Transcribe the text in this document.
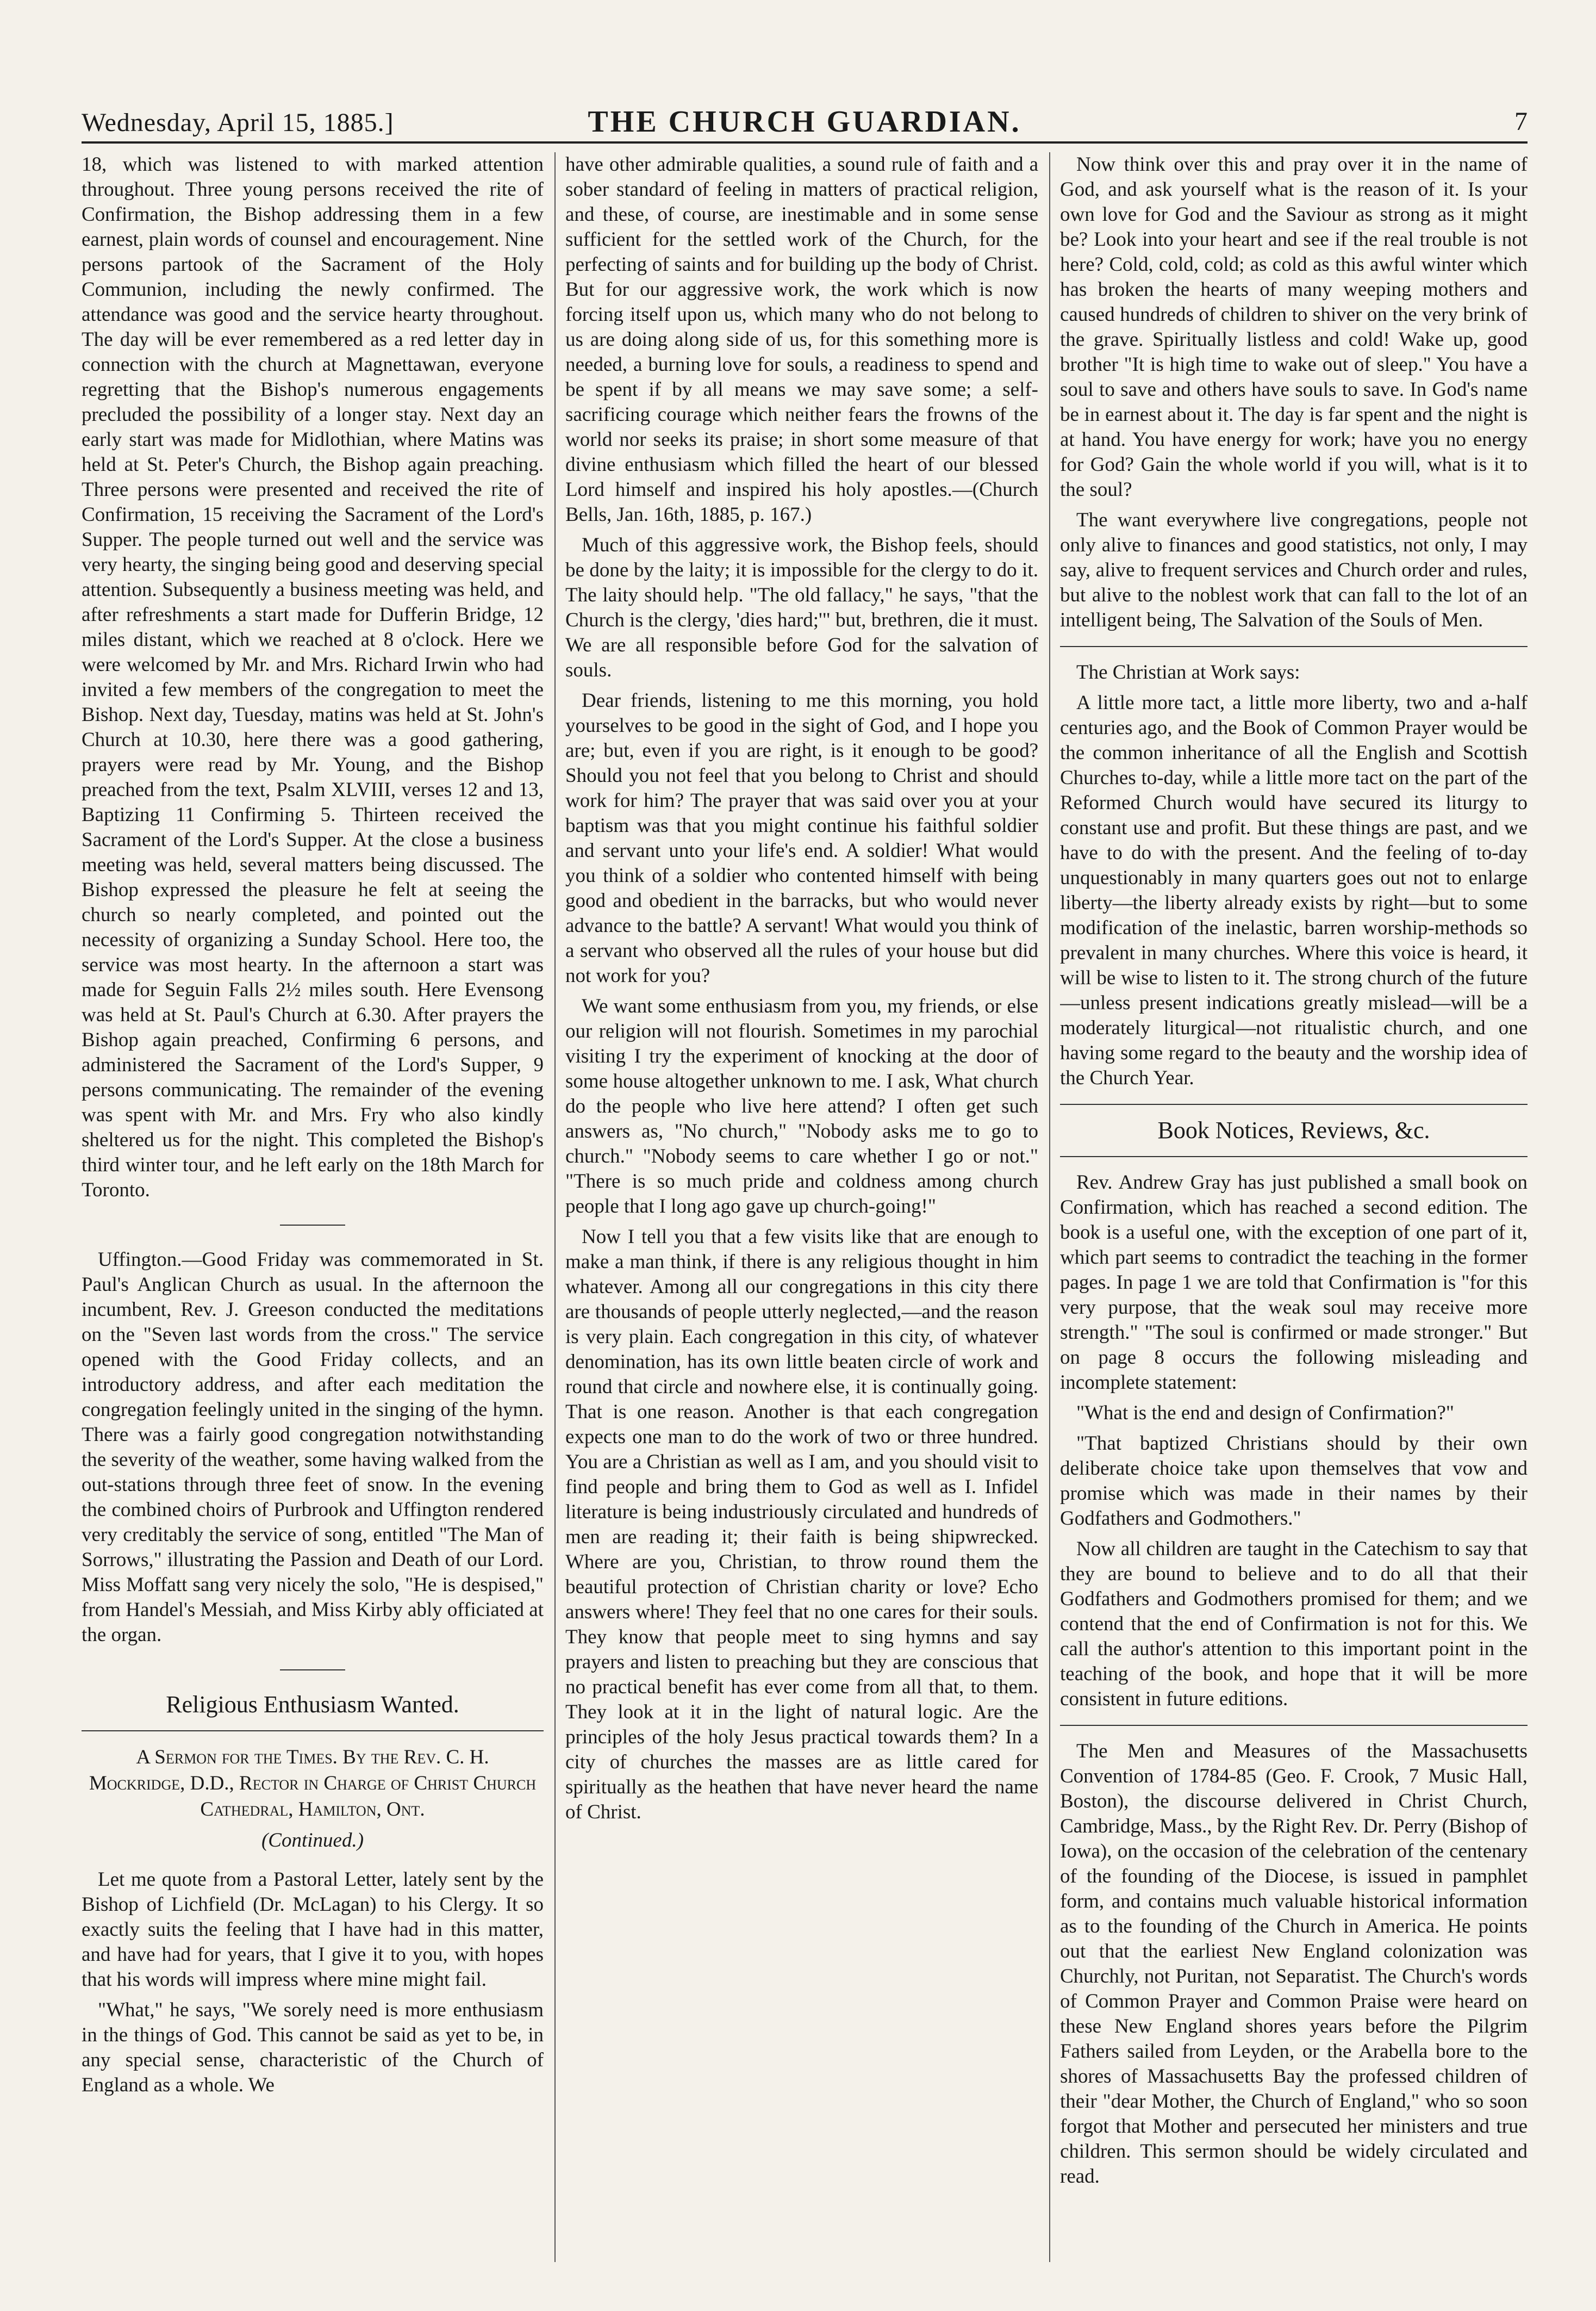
Wednesday, April 15, 1885.]	THE CHURCH GUARDIAN.	7

18, which was listened to with marked attention throughout. Three young persons received the rite of Confirmation, the Bishop addressing them in a few earnest, plain words of counsel and encouragement. Nine persons partook of the Sacrament of the Holy Communion, including the newly confirmed. The attendance was good and the service hearty throughout. The day will be ever remembered as a red letter day in connection with the church at Magnettawan, everyone regretting that the Bishop's numerous engagements precluded the possibility of a longer stay. Next day an early start was made for Midlothian, where Matins was held at St. Peter's Church, the Bishop again preaching. Three persons were presented and received the rite of Confirmation, 15 receiving the Sacrament of the Lord's Supper. The people turned out well and the service was very hearty, the singing being good and deserving special attention. Subsequently a business meeting was held, and after refreshments a start made for Dufferin Bridge, 12 miles distant, which we reached at 8 o'clock. Here we were welcomed by Mr. and Mrs. Richard Irwin who had invited a few members of the congregation to meet the Bishop. Next day, Tuesday, matins was held at St. John's Church at 10.30, here there was a good gathering, prayers were read by Mr. Young, and the Bishop preached from the text, Psalm XLVIII, verses 12 and 13, Baptizing 11 Confirming 5. Thirteen received the Sacrament of the Lord's Supper. At the close a business meeting was held, several matters being discussed. The Bishop expressed the pleasure he felt at seeing the church so nearly completed, and pointed out the necessity of organizing a Sunday School. Here too, the service was most hearty. In the afternoon a start was made for Seguin Falls 2½ miles south. Here Evensong was held at St. Paul's Church at 6.30. After prayers the Bishop again preached, Confirming 6 persons, and administered the Sacrament of the Lord's Supper, 9 persons communicating. The remainder of the evening was spent with Mr. and Mrs. Fry who also kindly sheltered us for the night. This completed the Bishop's third winter tour, and he left early on the 18th March for Toronto.

Uffington.—Good Friday was commemorated in St. Paul's Anglican Church as usual. In the afternoon the incumbent, Rev. J. Greeson conducted the meditations on the "Seven last words from the cross." The service opened with the Good Friday collects, and an introductory address, and after each meditation the congregation feelingly united in the singing of the hymn. There was a fairly good congregation notwithstanding the severity of the weather, some having walked from the out-stations through three feet of snow. In the evening the combined choirs of Purbrook and Uffington rendered very creditably the service of song, entitled "The Man of Sorrows," illustrating the Passion and Death of our Lord. Miss Moffatt sang very nicely the solo, "He is despised," from Handel's Messiah, and Miss Kirby ably officiated at the organ.

Religious Enthusiasm Wanted.
A Sermon for the Times. By the Rev. C. H. Mockridge, D.D., Rector in Charge of Christ Church Cathedral, Hamilton, Ont.
(Continued.)

Let me quote from a Pastoral Letter, lately sent by the Bishop of Lichfield (Dr. McLagan) to his Clergy. It so exactly suits the feeling that I have had in this matter, and have had for years, that I give it to you, with hopes that his words will impress where mine might fail.

"What," he says, "We sorely need is more enthusiasm in the things of God. This cannot be said as yet to be, in any special sense, characteristic of the Church of England as a whole. We

have other admirable qualities, a sound rule of faith and a sober standard of feeling in matters of practical religion, and these, of course, are inestimable and in some sense sufficient for the settled work of the Church, for the perfecting of saints and for building up the body of Christ. But for our aggressive work, the work which is now forcing itself upon us, which many who do not belong to us are doing along side of us, for this something more is needed, a burning love for souls, a readiness to spend and be spent if by all means we may save some; a self-sacrificing courage which neither fears the frowns of the world nor seeks its praise; in short some measure of that divine enthusiasm which filled the heart of our blessed Lord himself and inspired his holy apostles.—(Church Bells, Jan. 16th, 1885, p. 167.)

Much of this aggressive work, the Bishop feels, should be done by the laity; it is impossible for the clergy to do it. The laity should help. "The old fallacy," he says, "that the Church is the clergy, 'dies hard;'" but, brethren, die it must. We are all responsible before God for the salvation of souls.

Dear friends, listening to me this morning, you hold yourselves to be good in the sight of God, and I hope you are; but, even if you are right, is it enough to be good? Should you not feel that you belong to Christ and should work for him? The prayer that was said over you at your baptism was that you might continue his faithful soldier and servant unto your life's end. A soldier! What would you think of a soldier who contented himself with being good and obedient in the barracks, but who would never advance to the battle? A servant! What would you think of a servant who observed all the rules of your house but did not work for you?

We want some enthusiasm from you, my friends, or else our religion will not flourish. Sometimes in my parochial visiting I try the experiment of knocking at the door of some house altogether unknown to me. I ask, What church do the people who live here attend? I often get such answers as, "No church," "Nobody asks me to go to church." "Nobody seems to care whether I go or not." "There is so much pride and coldness among church people that I long ago gave up church-going!"

Now I tell you that a few visits like that are enough to make a man think, if there is any religious thought in him whatever. Among all our congregations in this city there are thousands of people utterly neglected,—and the reason is very plain. Each congregation in this city, of whatever denomination, has its own little beaten circle of work and round that circle and nowhere else, it is continually going. That is one reason. Another is that each congregation expects one man to do the work of two or three hundred. You are a Christian as well as I am, and you should visit to find people and bring them to God as well as I. Infidel literature is being industriously circulated and hundreds of men are reading it; their faith is being shipwrecked. Where are you, Christian, to throw round them the beautiful protection of Christian charity or love? Echo answers where! They feel that no one cares for their souls. They know that people meet to sing hymns and say prayers and listen to preaching but they are conscious that no practical benefit has ever come from all that, to them. They look at it in the light of natural logic. Are the principles of the holy Jesus practical towards them? In a city of churches the masses are as little cared for spiritually as the heathen that have never heard the name of Christ.

Now think over this and pray over it in the name of God, and ask yourself what is the reason of it. Is your own love for God and the Saviour as strong as it might be? Look into your heart and see if the real trouble is not here? Cold, cold, cold; as cold as this awful winter which has broken the hearts of many weeping mothers and caused hundreds of children to shiver on the very brink of the grave. Spiritually listless and cold! Wake up, good brother "It is high time to wake out of sleep." You have a soul to save and others have souls to save. In God's name be in earnest about it. The day is far spent and the night is at hand. You have energy for work; have you no energy for God? Gain the whole world if you will, what is it to the soul?

The want everywhere live congregations, people not only alive to finances and good statistics, not only, I may say, alive to frequent services and Church order and rules, but alive to the noblest work that can fall to the lot of an intelligent being, The Salvation of the Souls of Men.

The Christian at Work says:

A little more tact, a little more liberty, two and a-half centuries ago, and the Book of Common Prayer would be the common inheritance of all the English and Scottish Churches to-day, while a little more tact on the part of the Reformed Church would have secured its liturgy to constant use and profit. But these things are past, and we have to do with the present. And the feeling of to-day unquestionably in many quarters goes out not to enlarge liberty—the liberty already exists by right—but to some modification of the inelastic, barren worship-methods so prevalent in many churches. Where this voice is heard, it will be wise to listen to it. The strong church of the future—unless present indications greatly mislead—will be a moderately liturgical—not ritualistic church, and one having some regard to the beauty and the worship idea of the Church Year.

Book Notices, Reviews, &c.

Rev. Andrew Gray has just published a small book on Confirmation, which has reached a second edition. The book is a useful one, with the exception of one part of it, which part seems to contradict the teaching in the former pages. In page 1 we are told that Confirmation is "for this very purpose, that the weak soul may receive more strength." "The soul is confirmed or made stronger." But on page 8 occurs the following misleading and incomplete statement:

"What is the end and design of Confirmation?"

"That baptized Christians should by their own deliberate choice take upon themselves that vow and promise which was made in their names by their Godfathers and Godmothers."

Now all children are taught in the Catechism to say that they are bound to believe and to do all that their Godfathers and Godmothers promised for them; and we contend that the end of Confirmation is not for this. We call the author's attention to this important point in the teaching of the book, and hope that it will be more consistent in future editions.

The Men and Measures of the Massachusetts Convention of 1784-85 (Geo. F. Crook, 7 Music Hall, Boston), the discourse delivered in Christ Church, Cambridge, Mass., by the Right Rev. Dr. Perry (Bishop of Iowa), on the occasion of the celebration of the centenary of the founding of the Diocese, is issued in pamphlet form, and contains much valuable historical information as to the founding of the Church in America. He points out that the earliest New England colonization was Churchly, not Puritan, not Separatist. The Church's words of Common Prayer and Common Praise were heard on these New England shores years before the Pilgrim Fathers sailed from Leyden, or the Arabella bore to the shores of Massachusetts Bay the professed children of their "dear Mother, the Church of England," who so soon forgot that Mother and persecuted her ministers and true children. This sermon should be widely circulated and read.
